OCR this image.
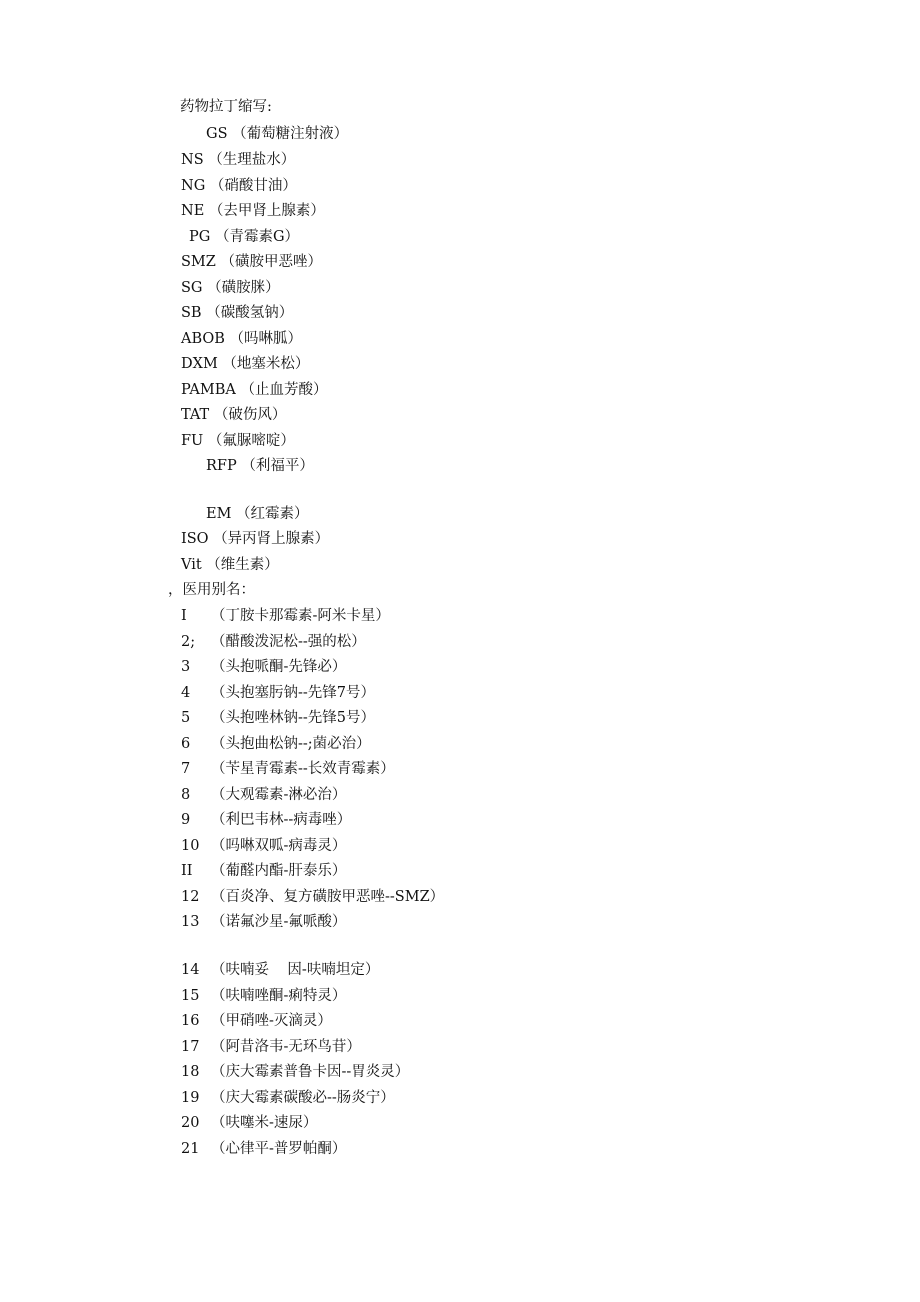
药物拉丁缩写:
GS （葡萄糖注射液）
NS （生理盐水）
NG （硝酸甘油）
NE （去甲肾上腺素）
PG （青霉素G）
SMZ （磺胺甲恶唑）
SG （磺胺脒）
SB （碳酸氢钠）
ABOB （吗啉胍）
DXM （地塞米松）
PAMBA （止血芳酸）
TAT （破伤风）
FU （氟脲嘧啶）
RFP （利福平）
EM （红霉素）
ISO （异丙肾上腺素）
Vit （维生素）
，医用别名：
I （丁胺卡那霉素-阿米卡星）
2; （醋酸泼泥松--强的松）
3 （头抱哌酮-先锋必）
4 （头抱塞肟钠--先锋7号）
5 （头抱唑林钠--先锋5号）
6 （头抱曲松钠--;菌必治）
7 （苄星青霉素--长效青霉素）
8 （大观霉素-淋必治）
9 （利巴韦林--病毒唑）
10 （吗啉双呱-病毒灵）
II （葡醛内酯-肝泰乐）
12 （百炎净、复方磺胺甲恶唑--SMZ）
13 （诺氟沙星-氟哌酸）
14 （呋喃妥    因-呋喃坦定）
15 （呋喃唑酮-痢特灵）
16 （甲硝唑-灭滴灵）
17 （阿昔洛韦-无环鸟苷）
18 （庆大霉素普鲁卡因--胃炎灵）
19 （庆大霉素碳酸必--肠炎宁）
20 （呋噻米-速尿）
21 （心律平-普罗帕酮）
